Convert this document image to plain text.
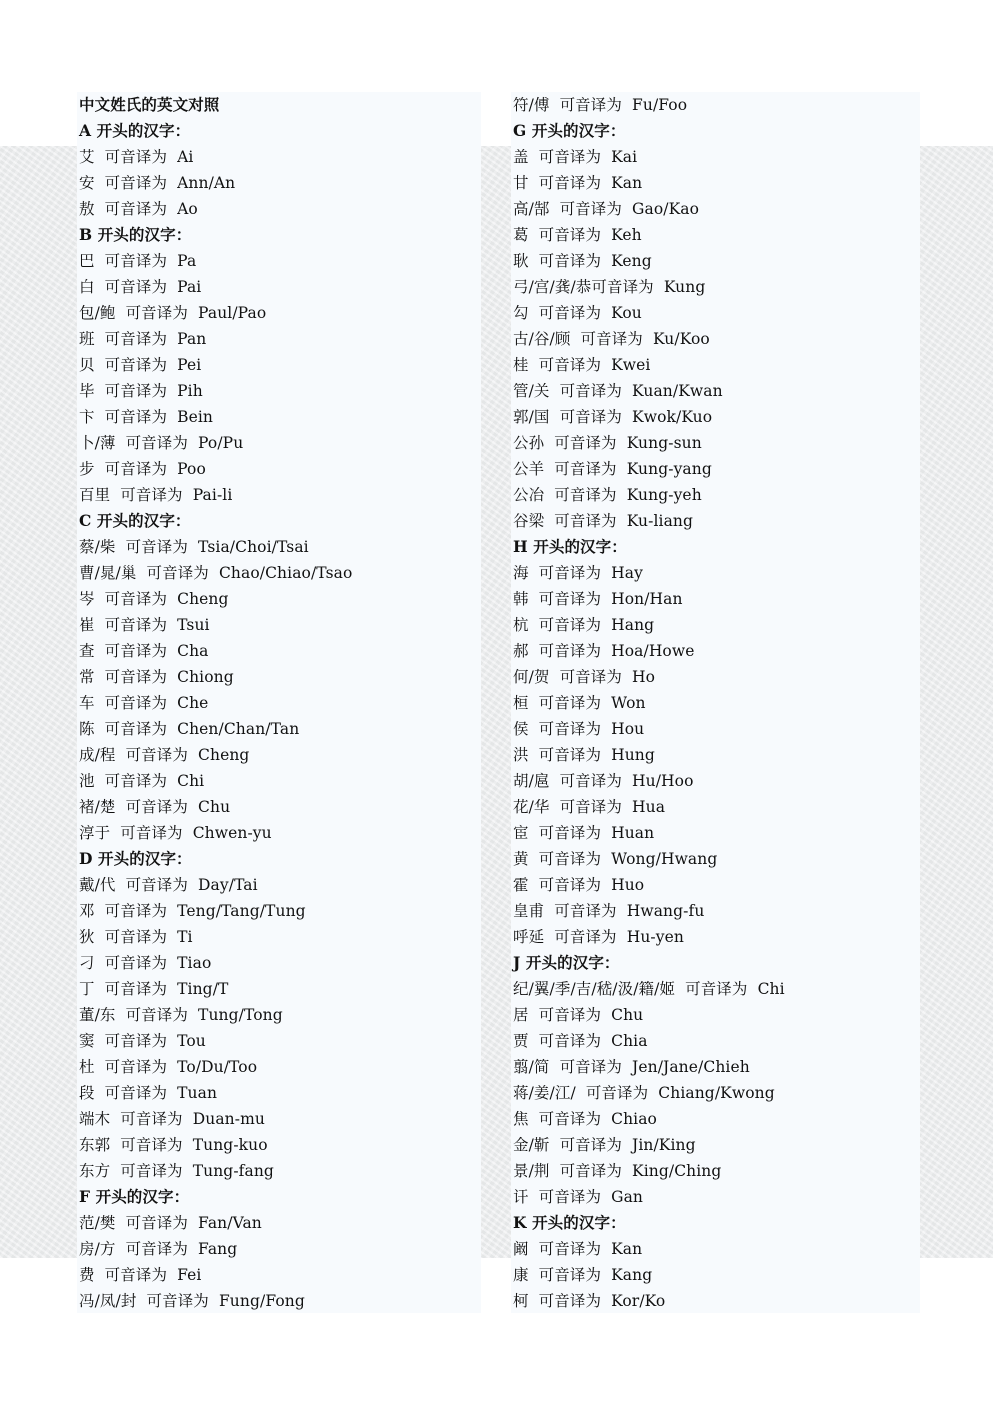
中文姓氏的英文对照
A 开头的汉字：
艾  可音译为  Ai
安  可音译为  Ann/An
敖  可音译为  Ao
B 开头的汉字：
巴  可音译为  Pa
白  可音译为  Pai
包/鲍  可音译为  Paul/Pao
班  可音译为  Pan
贝  可音译为  Pei
毕  可音译为  Pih
卞  可音译为  Bein
卜/薄  可音译为  Po/Pu
步  可音译为  Poo
百里  可音译为  Pai-li
C 开头的汉字：
蔡/柴  可音译为  Tsia/Choi/Tsai
曹/晁/巢  可音译为  Chao/Chiao/Tsao
岑  可音译为  Cheng
崔  可音译为  Tsui
查  可音译为  Cha
常  可音译为  Chiong
车  可音译为  Che
陈  可音译为  Chen/Chan/Tan
成/程  可音译为  Cheng
池  可音译为  Chi
褚/楚  可音译为  Chu
淳于  可音译为  Chwen-yu
D 开头的汉字：
戴/代  可音译为  Day/Tai
邓  可音译为  Teng/Tang/Tung
狄  可音译为  Ti
刁  可音译为  Tiao
丁  可音译为  Ting/T
董/东  可音译为  Tung/Tong
窦  可音译为  Tou
杜  可音译为  To/Du/Too
段  可音译为  Tuan
端木  可音译为  Duan-mu
东郭  可音译为  Tung-kuo
东方  可音译为  Tung-fang
F 开头的汉字：
范/樊  可音译为  Fan/Van
房/方  可音译为  Fang
费  可音译为  Fei
冯/凤/封  可音译为  Fung/Fong
符/傅  可音译为  Fu/Foo
G 开头的汉字：
盖  可音译为  Kai
甘  可音译为  Kan
高/郜  可音译为  Gao/Kao
葛  可音译为  Keh
耿  可音译为  Keng
弓/宫/龚/恭可音译为  Kung
勾  可音译为  Kou
古/谷/顾  可音译为  Ku/Koo
桂  可音译为  Kwei
管/关  可音译为  Kuan/Kwan
郭/国  可音译为  Kwok/Kuo
公孙  可音译为  Kung-sun
公羊  可音译为  Kung-yang
公冶  可音译为  Kung-yeh
谷梁  可音译为  Ku-liang
H 开头的汉字：
海  可音译为  Hay
韩  可音译为  Hon/Han
杭  可音译为  Hang
郝  可音译为  Hoa/Howe
何/贺  可音译为  Ho
桓  可音译为  Won
侯  可音译为  Hou
洪  可音译为  Hung
胡/扈  可音译为  Hu/Hoo
花/华  可音译为  Hua
宦  可音译为  Huan
黄  可音译为  Wong/Hwang
霍  可音译为  Huo
皇甫  可音译为  Hwang-fu
呼延  可音译为  Hu-yen
J 开头的汉字：
纪/翼/季/吉/嵇/汲/籍/姬  可音译为  Chi
居  可音译为  Chu
贾  可音译为  Chia
翦/简  可音译为  Jen/Jane/Chieh
蒋/姜/江/  可音译为  Chiang/Kwong
焦  可音译为  Chiao
金/靳  可音译为  Jin/King
景/荆  可音译为  King/Ching
讦  可音译为  Gan
K 开头的汉字：
阚  可音译为  Kan
康  可音译为  Kang
柯  可音译为  Kor/Ko
